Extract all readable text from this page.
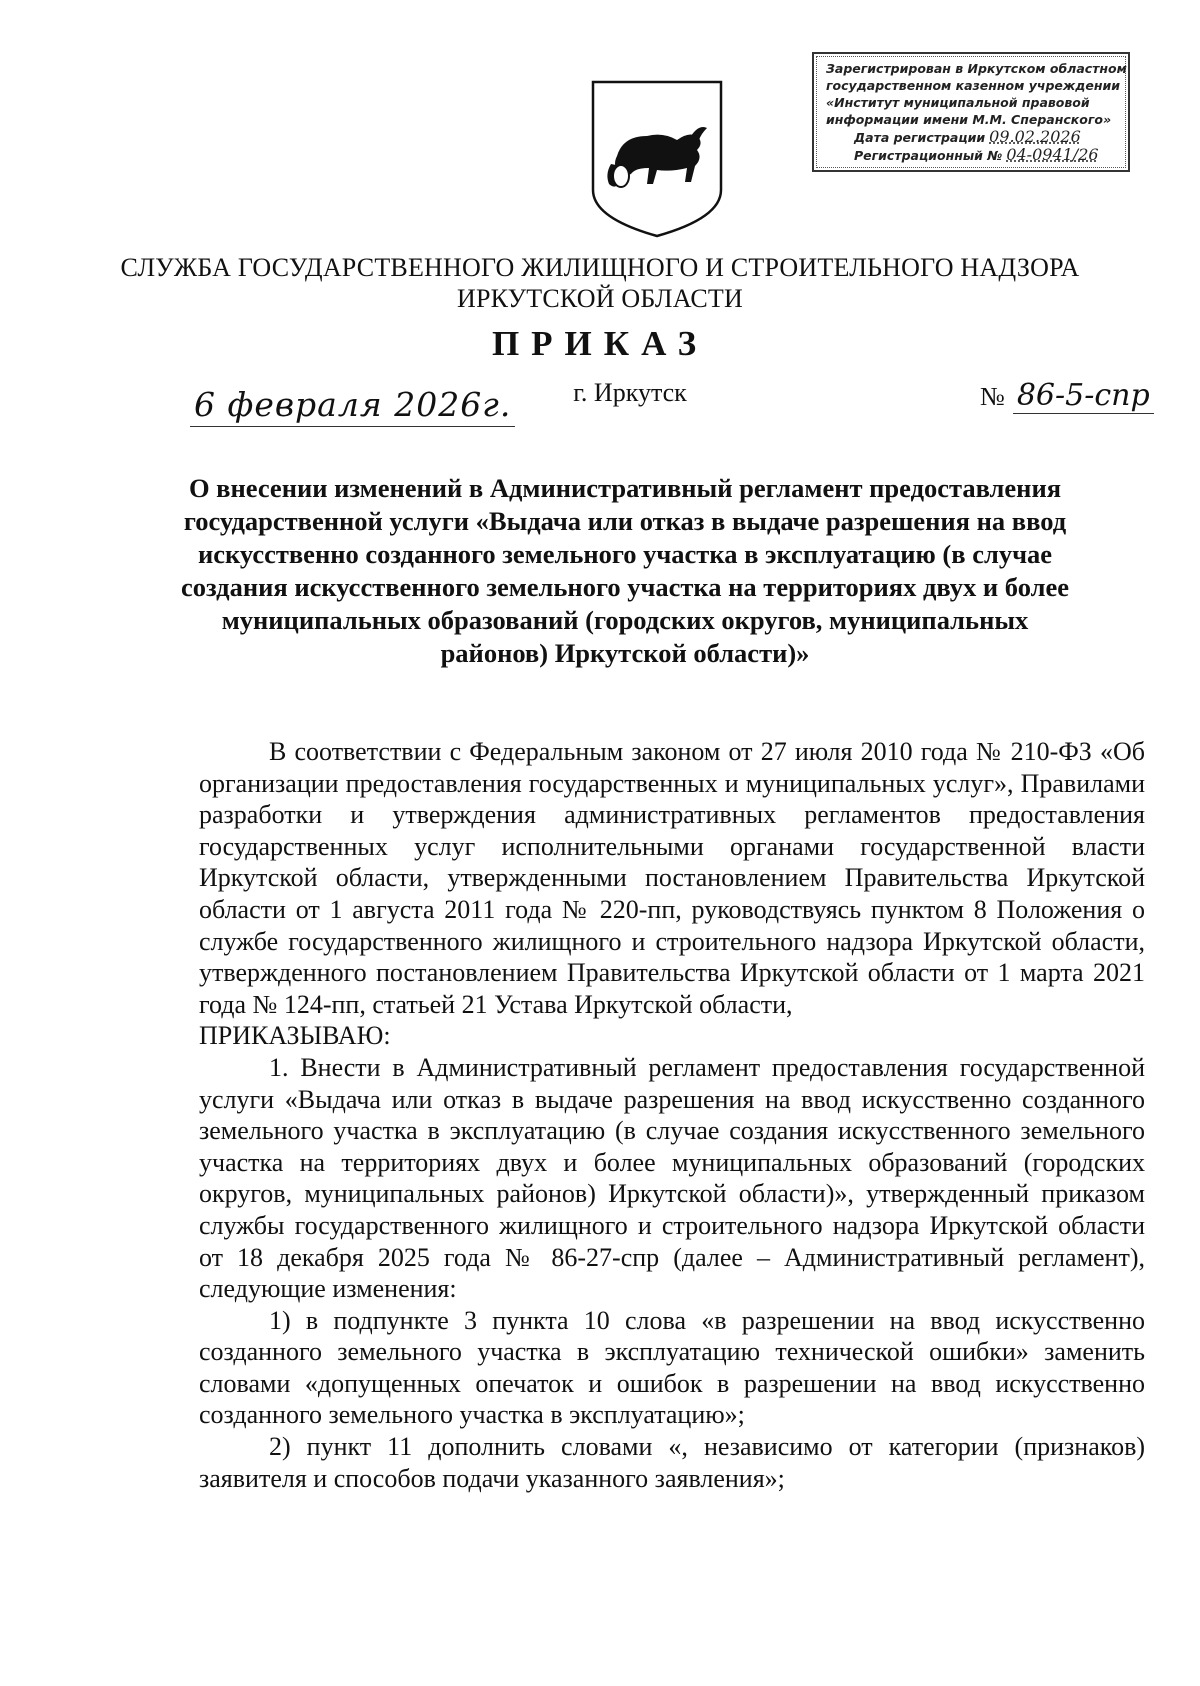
Зарегистрирован в Иркутском областном
государственном казенном учреждении
«Институт муниципальной правовой
информации имени М.М. Сперанского»
Дата регистрации 09.02.2026
Регистрационный № 04-0941/26
СЛУЖБА ГОСУДАРСТВЕННОГО ЖИЛИЩНОГО И СТРОИТЕЛЬНОГО НАДЗОРА
ИРКУТСКОЙ ОБЛАСТИ
ПРИКАЗ
6 февраля 2026г.	г. Иркутск	№ 86-5-спр
О внесении изменений в Административный регламент предоставления государственной услуги «Выдача или отказ в выдаче разрешения на ввод искусственно созданного земельного участка в эксплуатацию (в случае создания искусственного земельного участка на территориях двух и более муниципальных образований (городских округов, муниципальных районов) Иркутской области)»

В соответствии с Федеральным законом от 27 июля 2010 года № 210-ФЗ «Об организации предоставления государственных и муниципальных услуг», Правилами разработки и утверждения административных регламентов предоставления государственных услуг исполнительными органами государственной власти Иркутской области, утвержденными постановлением Правительства Иркутской области от 1 августа 2011 года № 220-пп, руководствуясь пунктом 8 Положения о службе государственного жилищного и строительного надзора Иркутской области, утвержденного постановлением Правительства Иркутской области от 1 марта 2021 года № 124-пп, статьей 21 Устава Иркутской области,

ПРИКАЗЫВАЮ:

1. Внести в Административный регламент предоставления государственной услуги «Выдача или отказ в выдаче разрешения на ввод искусственно созданного земельного участка в эксплуатацию (в случае создания искусственного земельного участка на территориях двух и более муниципальных образований (городских округов, муниципальных районов) Иркутской области)», утвержденный приказом службы государственного жилищного и строительного надзора Иркутской области от 18 декабря 2025 года № 86-27-спр (далее – Административный регламент), следующие изменения:

1) в подпункте 3 пункта 10 слова «в разрешении на ввод искусственно созданного земельного участка в эксплуатацию технической ошибки» заменить словами «допущенных опечаток и ошибок в разрешении на ввод искусственно созданного земельного участка в эксплуатацию»;

2) пункт 11 дополнить словами «, независимо от категории (признаков) заявителя и способов подачи указанного заявления»;
